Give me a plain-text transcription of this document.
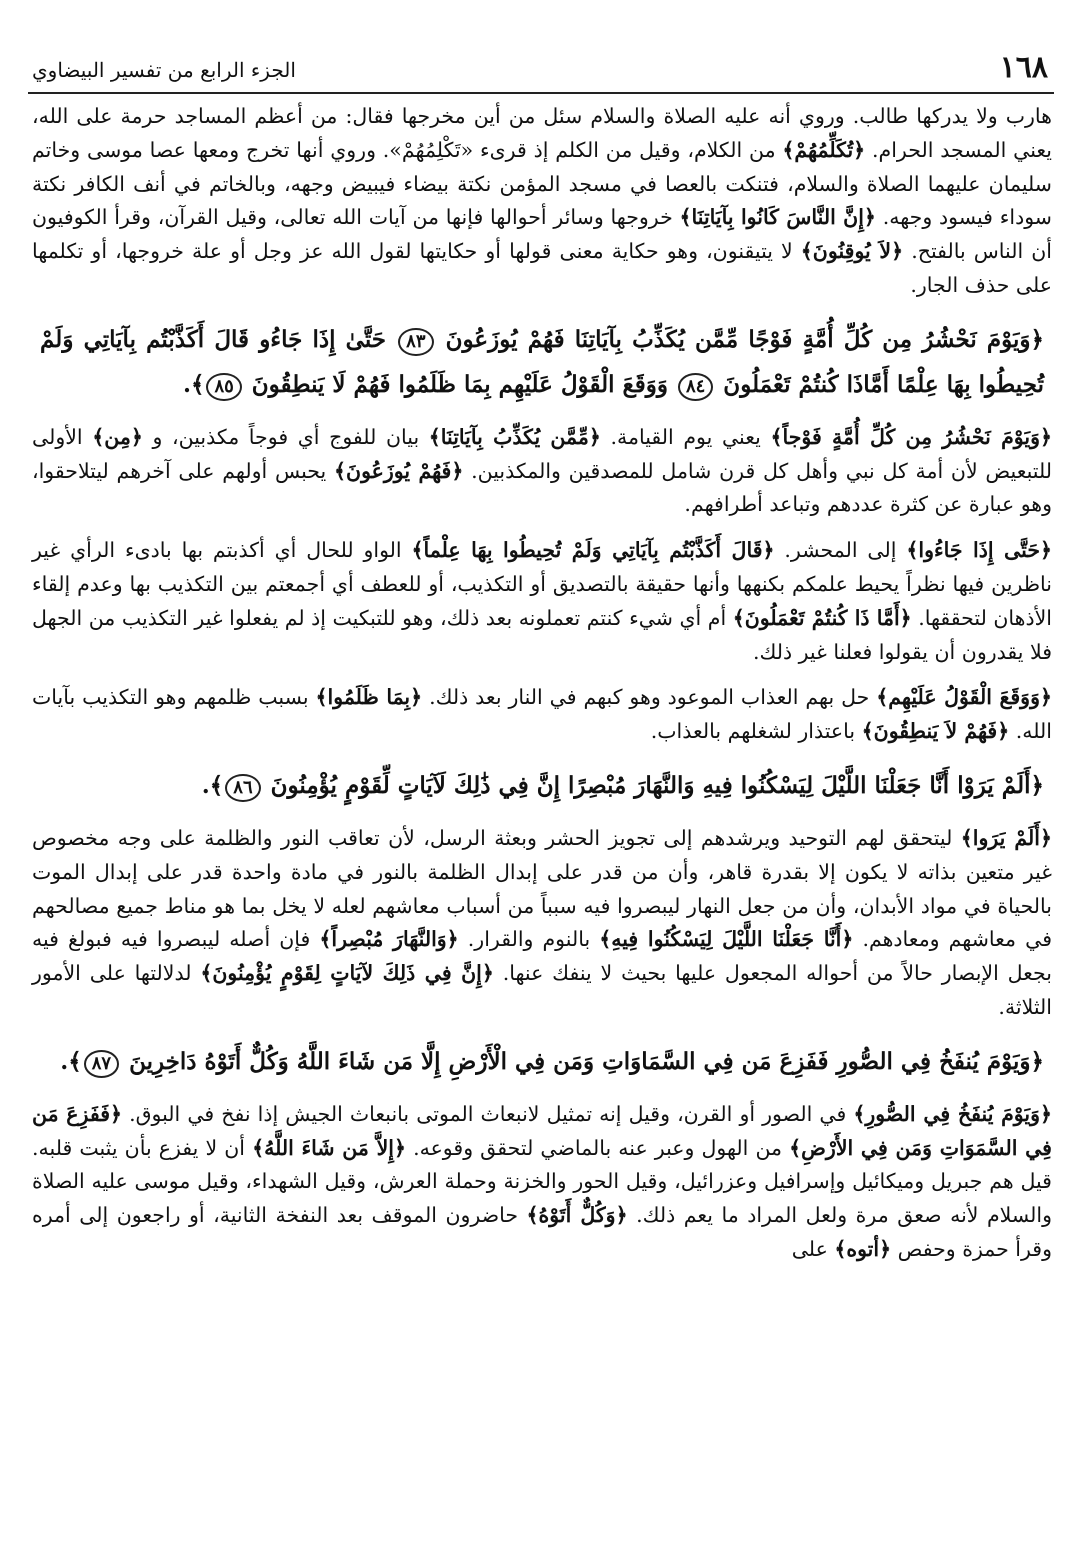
١٦٨
الجزء الرابع من تفسير البيضاوي

هارب ولا يدركها طالب. وروي أنه عليه الصلاة والسلام سئل من أين مخرجها فقال: من أعظم المساجد حرمة على الله، يعني المسجد الحرام. ﴿تُكَلِّمُهُمْ﴾ من الكلام، وقيل من الكلم إذ قرىء «تَكْلِمُهُمْ». وروي أنها تخرج ومعها عصا موسى وخاتم سليمان عليهما الصلاة والسلام، فتنكت بالعصا في مسجد المؤمن نكتة بيضاء فيبيض وجهه، وبالخاتم في أنف الكافر نكتة سوداء فيسود وجهه. ﴿إِنَّ النَّاسَ كَانُوا بِآيَاتِنَا﴾ خروجها وسائر أحوالها فإنها من آيات الله تعالى، وقيل القرآن، وقرأ الكوفيون أن الناس بالفتح. ﴿لاَ يُوقِنُونَ﴾ لا يتيقنون، وهو حكاية معنى قولها أو حكايتها لقول الله عز وجل أو علة خروجها، أو تكلمها على حذف الجار.

﴿وَيَوْمَ نَحْشُرُ مِن كُلِّ أُمَّةٍ فَوْجًا مِّمَّن يُكَذِّبُ بِآيَاتِنَا فَهُمْ يُوزَعُونَ ٨٣ حَتَّىٰ إِذَا جَاءُو قَالَ أَكَذَّبْتُم بِآيَاتِي وَلَمْ تُحِيطُوا بِهَا عِلْمًا أَمَّاذَا كُنتُمْ تَعْمَلُونَ ٨٤ وَوَقَعَ الْقَوْلُ عَلَيْهِم بِمَا ظَلَمُوا فَهُمْ لَا يَنطِقُونَ ٨٥﴾.

﴿وَيَوْمَ نَحْشُرُ مِن كُلِّ أُمَّةٍ فَوْجاً﴾ يعني يوم القيامة. ﴿مِّمَّن يُكَذِّبُ بِآيَاتِنَا﴾ بيان للفوج أي فوجاً مكذبين، و ﴿مِن﴾ الأولى للتبعيض لأن أمة كل نبي وأهل كل قرن شامل للمصدقين والمكذبين. ﴿فَهُمْ يُوزَعُونَ﴾ يحبس أولهم على آخرهم ليتلاحقوا، وهو عبارة عن كثرة عددهم وتباعد أطرافهم.

﴿حَتَّى إِذَا جَاءُوا﴾ إلى المحشر. ﴿قَالَ أَكَذَّبْتُم بِآيَاتِي وَلَمْ تُحِيطُوا بِهَا عِلْماً﴾ الواو للحال أي أكذبتم بها بادىء الرأي غير ناظرين فيها نظراً يحيط علمكم بكنهها وأنها حقيقة بالتصديق أو التكذيب، أو للعطف أي أجمعتم بين التكذيب بها وعدم إلقاء الأذهان لتحققها. ﴿أَمَّا ذَا كُنتُمْ تَعْمَلُونَ﴾ أم أي شيء كنتم تعملونه بعد ذلك، وهو للتبكيت إذ لم يفعلوا غير التكذيب من الجهل فلا يقدرون أن يقولوا فعلنا غير ذلك.

﴿وَوَقَعَ الْقَوْلُ عَلَيْهِم﴾ حل بهم العذاب الموعود وهو كبهم في النار بعد ذلك. ﴿بِمَا ظَلَمُوا﴾ بسبب ظلمهم وهو التكذيب بآيات الله. ﴿فَهُمْ لاَ يَنطِقُونَ﴾ باعتذار لشغلهم بالعذاب.

﴿أَلَمْ يَرَوْا أَنَّا جَعَلْنَا اللَّيْلَ لِيَسْكُنُوا فِيهِ وَالنَّهَارَ مُبْصِرًا إِنَّ فِي ذَٰلِكَ لَآيَاتٍ لِّقَوْمٍ يُؤْمِنُونَ ٨٦﴾.

﴿أَلَمْ يَرَوا﴾ ليتحقق لهم التوحيد ويرشدهم إلى تجويز الحشر وبعثة الرسل، لأن تعاقب النور والظلمة على وجه مخصوص غير متعين بذاته لا يكون إلا بقدرة قاهر، وأن من قدر على إبدال الظلمة بالنور في مادة واحدة قدر على إبدال الموت بالحياة في مواد الأبدان، وأن من جعل النهار ليبصروا فيه سبباً من أسباب معاشهم لعله لا يخل بما هو مناط جميع مصالحهم في معاشهم ومعادهم. ﴿أَنَّا جَعَلْنَا اللَّيْلَ لِيَسْكُنُوا فِيهِ﴾ بالنوم والقرار. ﴿وَالنَّهَارَ مُبْصِراً﴾ فإن أصله ليبصروا فيه فبولغ فيه بجعل الإبصار حالاً من أحواله المجعول عليها بحيث لا ينفك عنها. ﴿إِنَّ فِي ذَلِكَ لآيَاتٍ لِقَوْمٍ يُؤْمِنُونَ﴾ لدلالتها على الأمور الثلاثة.

﴿وَيَوْمَ يُنفَخُ فِي الصُّورِ فَفَزِعَ مَن فِي السَّمَاوَاتِ وَمَن فِي الْأَرْضِ إِلَّا مَن شَاءَ اللَّهُ وَكُلٌّ أَتَوْهُ دَاخِرِينَ ٨٧﴾.

﴿وَيَوْمَ يُنفَخُ فِي الصُّورِ﴾ في الصور أو القرن، وقيل إنه تمثيل لانبعاث الموتى بانبعاث الجيش إذا نفخ في البوق. ﴿فَفَزِعَ مَن فِي السَّمَوَاتِ وَمَن فِي الأَرْضِ﴾ من الهول وعبر عنه بالماضي لتحقق وقوعه. ﴿إِلاَّ مَن شَاءَ اللَّهُ﴾ أن لا يفزع بأن يثبت قلبه. قيل هم جبريل وميكائيل وإسرافيل وعزرائيل، وقيل الحور والخزنة وحملة العرش، وقيل الشهداء، وقيل موسى عليه الصلاة والسلام لأنه صعق مرة ولعل المراد ما يعم ذلك. ﴿وَكُلٌّ أَتَوْهُ﴾ حاضرون الموقف بعد النفخة الثانية، أو راجعون إلى أمره وقرأ حمزة وحفص ﴿أتوه﴾ على
